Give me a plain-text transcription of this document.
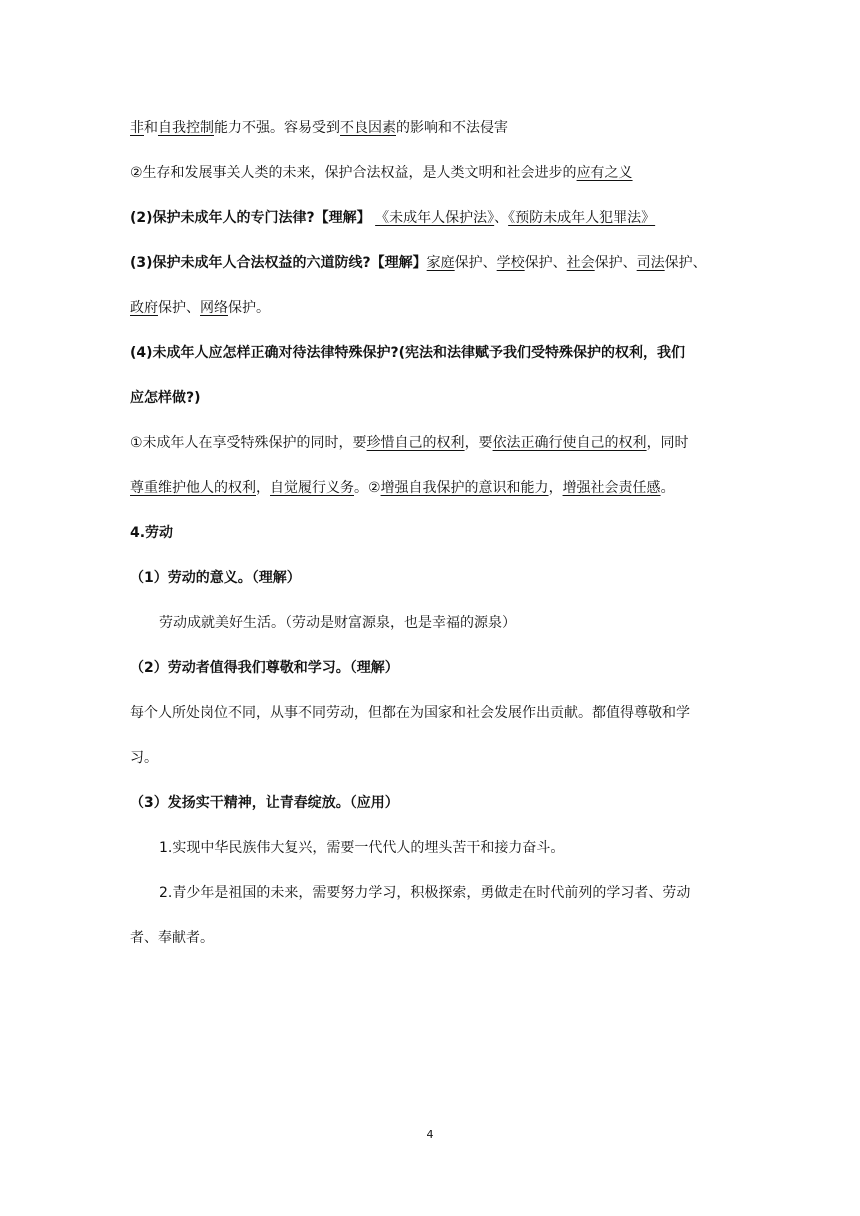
非和自我控制能力不强。容易受到不良因素的影响和不法侵害
②生存和发展事关人类的未来，保护合法权益，是人类文明和社会进步的应有之义
(2)保护未成年人的专门法律?【理解】 《未成年人保护法》、《预防未成年人犯罪法》
(3)保护未成年人合法权益的六道防线?【理解】家庭保护、学校保护、社会保护、司法保护、
政府保护、网络保护。
(4)未成年人应怎样正确对待法律特殊保护?(宪法和法律赋予我们受特殊保护的权利，我们
应怎样做?)
①未成年人在享受特殊保护的同时，要珍惜自己的权利，要依法正确行使自己的权利，同时
尊重维护他人的权利，自觉履行义务。②增强自我保护的意识和能力，增强社会责任感。
4.劳动
（1）劳动的意义。（理解）
劳动成就美好生活。（劳动是财富源泉，也是幸福的源泉）
（2）劳动者值得我们尊敬和学习。（理解）
每个人所处岗位不同，从事不同劳动，但都在为国家和社会发展作出贡献。都值得尊敬和学
习。
（3）发扬实干精神，让青春绽放。（应用）
1.实现中华民族伟大复兴，需要一代代人的埋头苦干和接力奋斗。
2.青少年是祖国的未来，需要努力学习，积极探索，勇做走在时代前列的学习者、劳动
者、奉献者。
4
